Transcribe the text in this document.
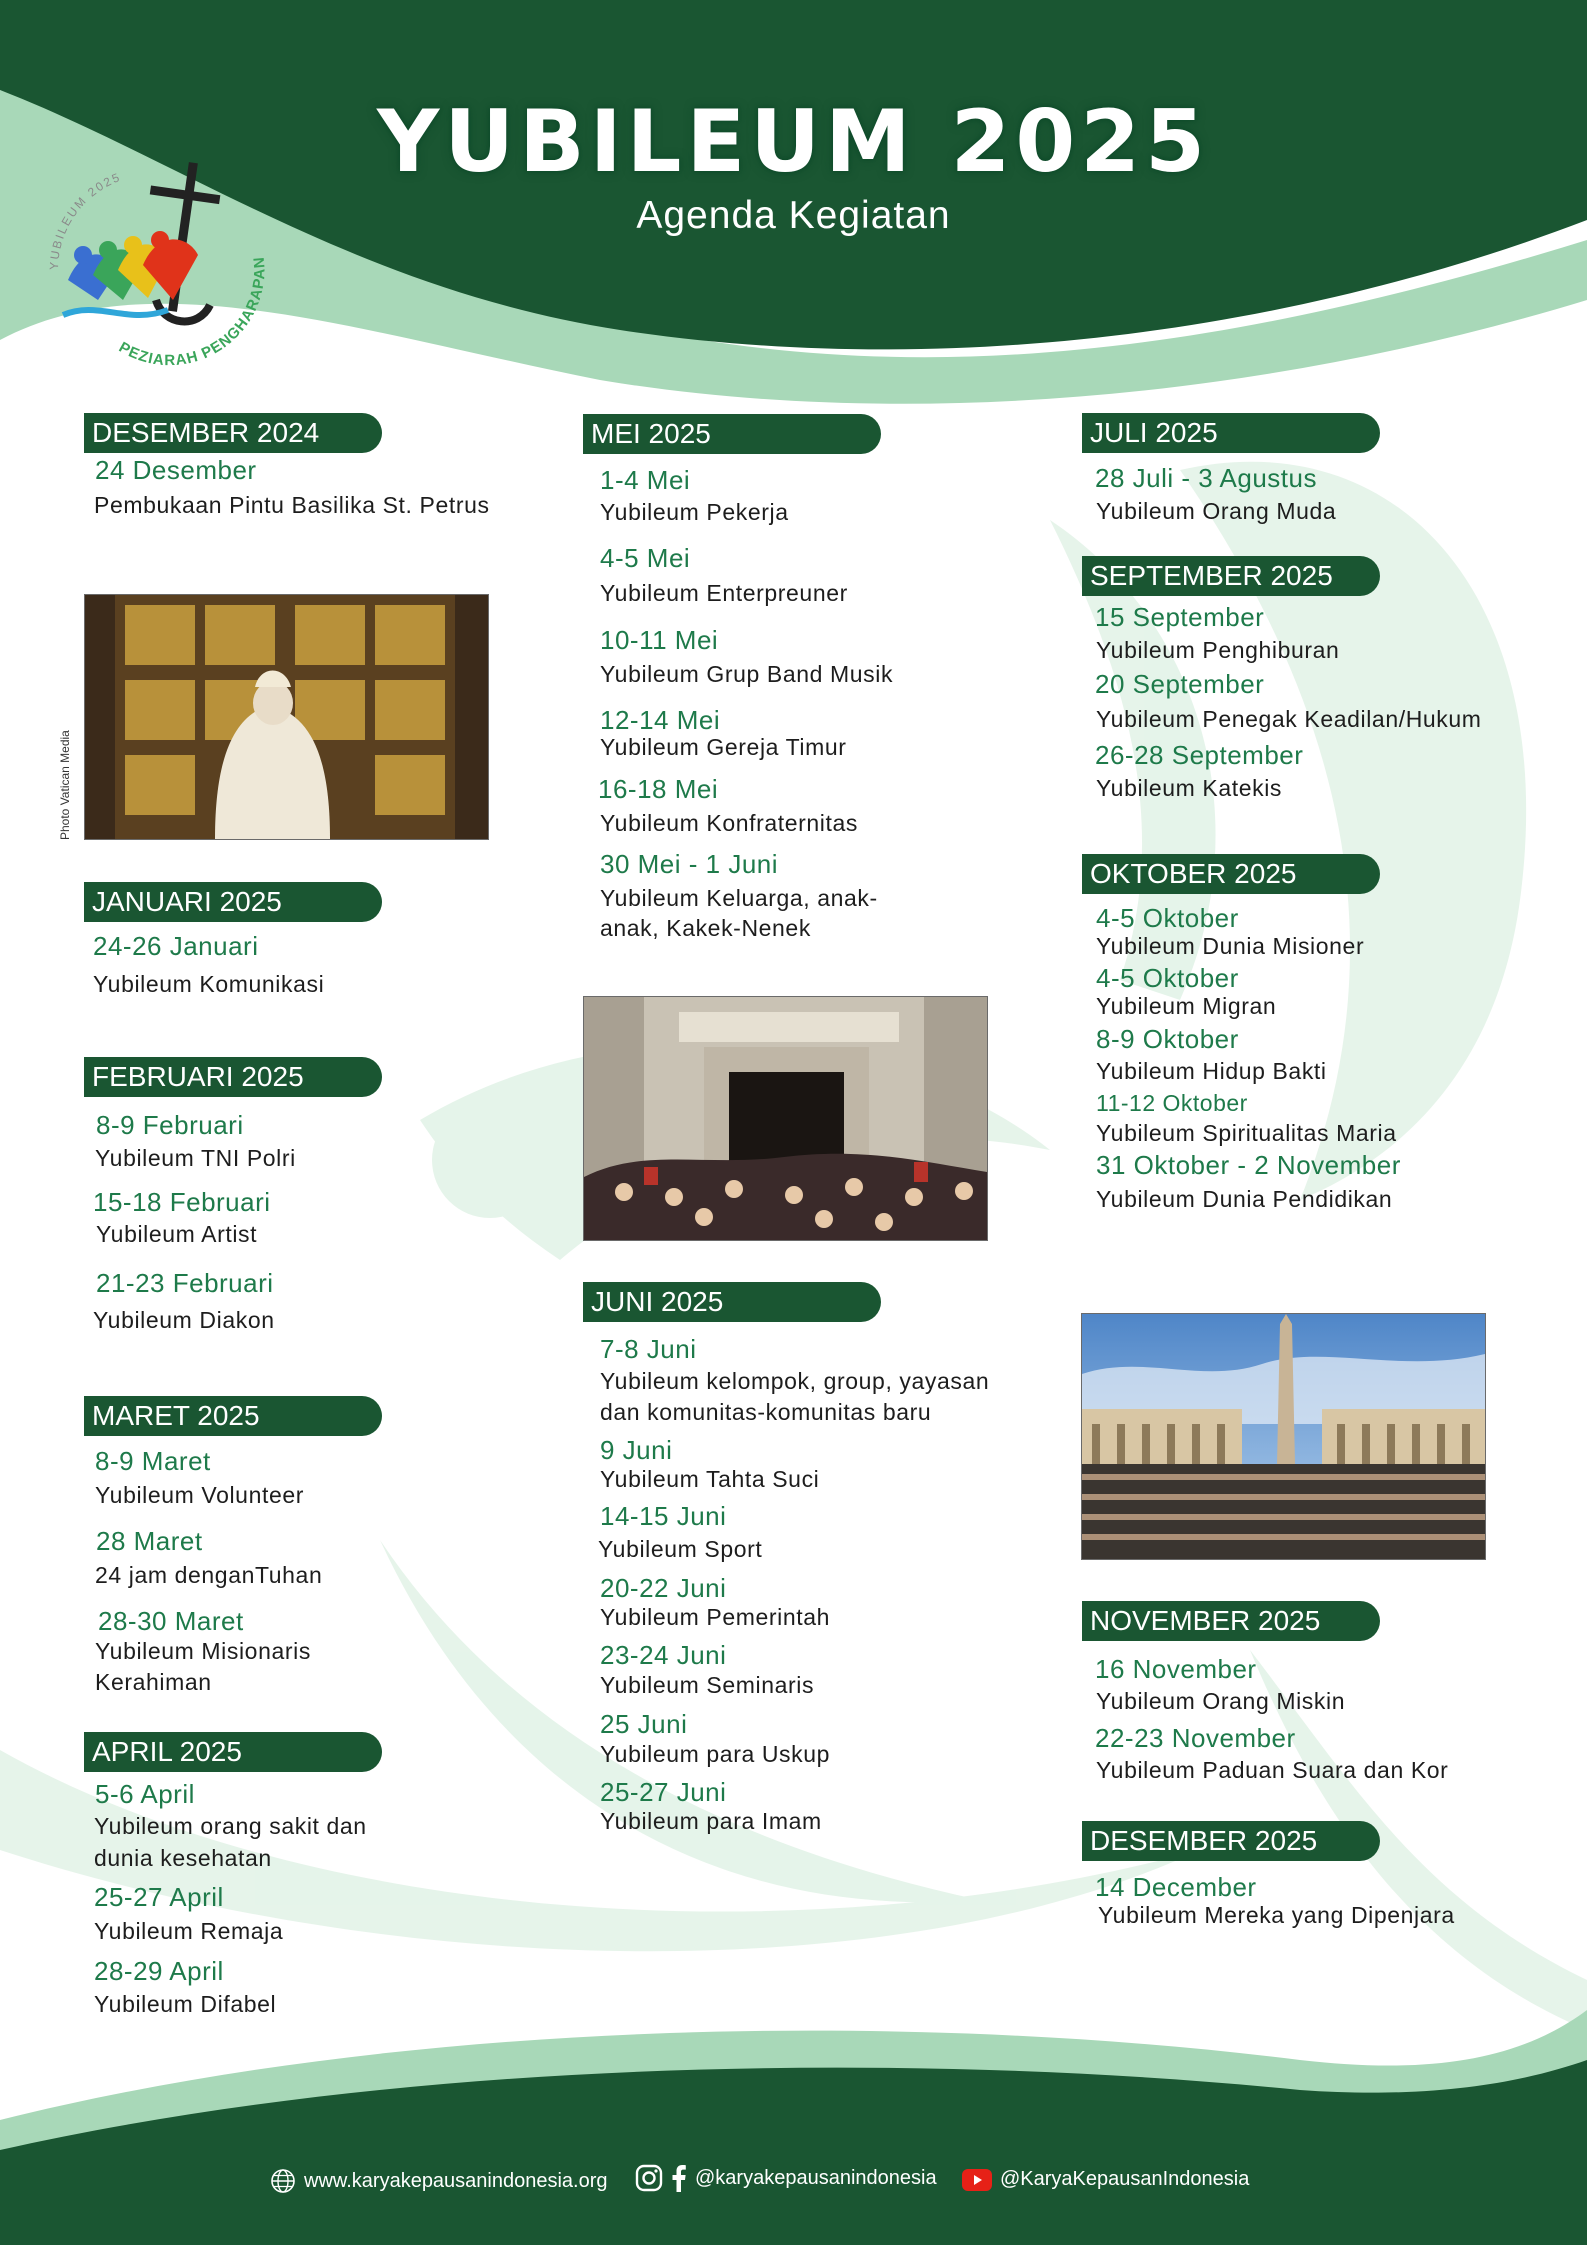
YUBILEUM 2025
Agenda Kegiatan
YUBILEUM 2025
PEZIARAH PENGHARAPAN
DESEMBER 2024
24 Desember
Pembukaan Pintu Basilika St. Petrus
Photo Vatican Media
JANUARI 2025
24-26 Januari
Yubileum Komunikasi
FEBRUARI 2025
8-9 Februari
Yubileum TNI Polri
15-18 Februari
Yubileum Artist
21-23 Februari
Yubileum Diakon
MARET 2025
8-9 Maret
Yubileum Volunteer
28 Maret
24 jam denganTuhan
28-30 Maret
Yubileum Misionaris
Kerahiman
APRIL 2025
5-6 April
Yubileum orang sakit dan
dunia kesehatan
25-27 April
Yubileum Remaja
28-29 April
Yubileum Difabel
MEI 2025
1-4 Mei
Yubileum Pekerja
4-5 Mei
Yubileum Enterpreuner
10-11 Mei
Yubileum Grup Band Musik
12-14 Mei
Yubileum Gereja Timur
16-18 Mei
Yubileum Konfraternitas
30 Mei - 1 Juni
Yubileum Keluarga, anak-
anak, Kakek-Nenek
JUNI 2025
7-8 Juni
Yubileum kelompok, group, yayasan
dan komunitas-komunitas baru
9 Juni
Yubileum Tahta Suci
14-15 Juni
Yubileum Sport
20-22 Juni
Yubileum Pemerintah
23-24 Juni
Yubileum Seminaris
25 Juni
Yubileum para Uskup
25-27 Juni
Yubileum para Imam
JULI 2025
28 Juli - 3 Agustus
Yubileum Orang Muda
SEPTEMBER 2025
15 September
Yubileum Penghiburan
20 September
Yubileum Penegak Keadilan/Hukum
26-28 September
Yubileum Katekis
OKTOBER 2025
4-5 Oktober
Yubileum Dunia Misioner
4-5 Oktober
Yubileum Migran
8-9 Oktober
Yubileum Hidup Bakti
11-12 Oktober
Yubileum Spiritualitas Maria
31 Oktober - 2 November
Yubileum Dunia Pendidikan
NOVEMBER 2025
16 November
Yubileum Orang Miskin
22-23 November
Yubileum Paduan Suara dan Kor
DESEMBER 2025
14 December
Yubileum Mereka yang Dipenjara
www.karyakepausanindonesia.org	@karyakepausanindonesia	@KaryaKepausanIndonesia
